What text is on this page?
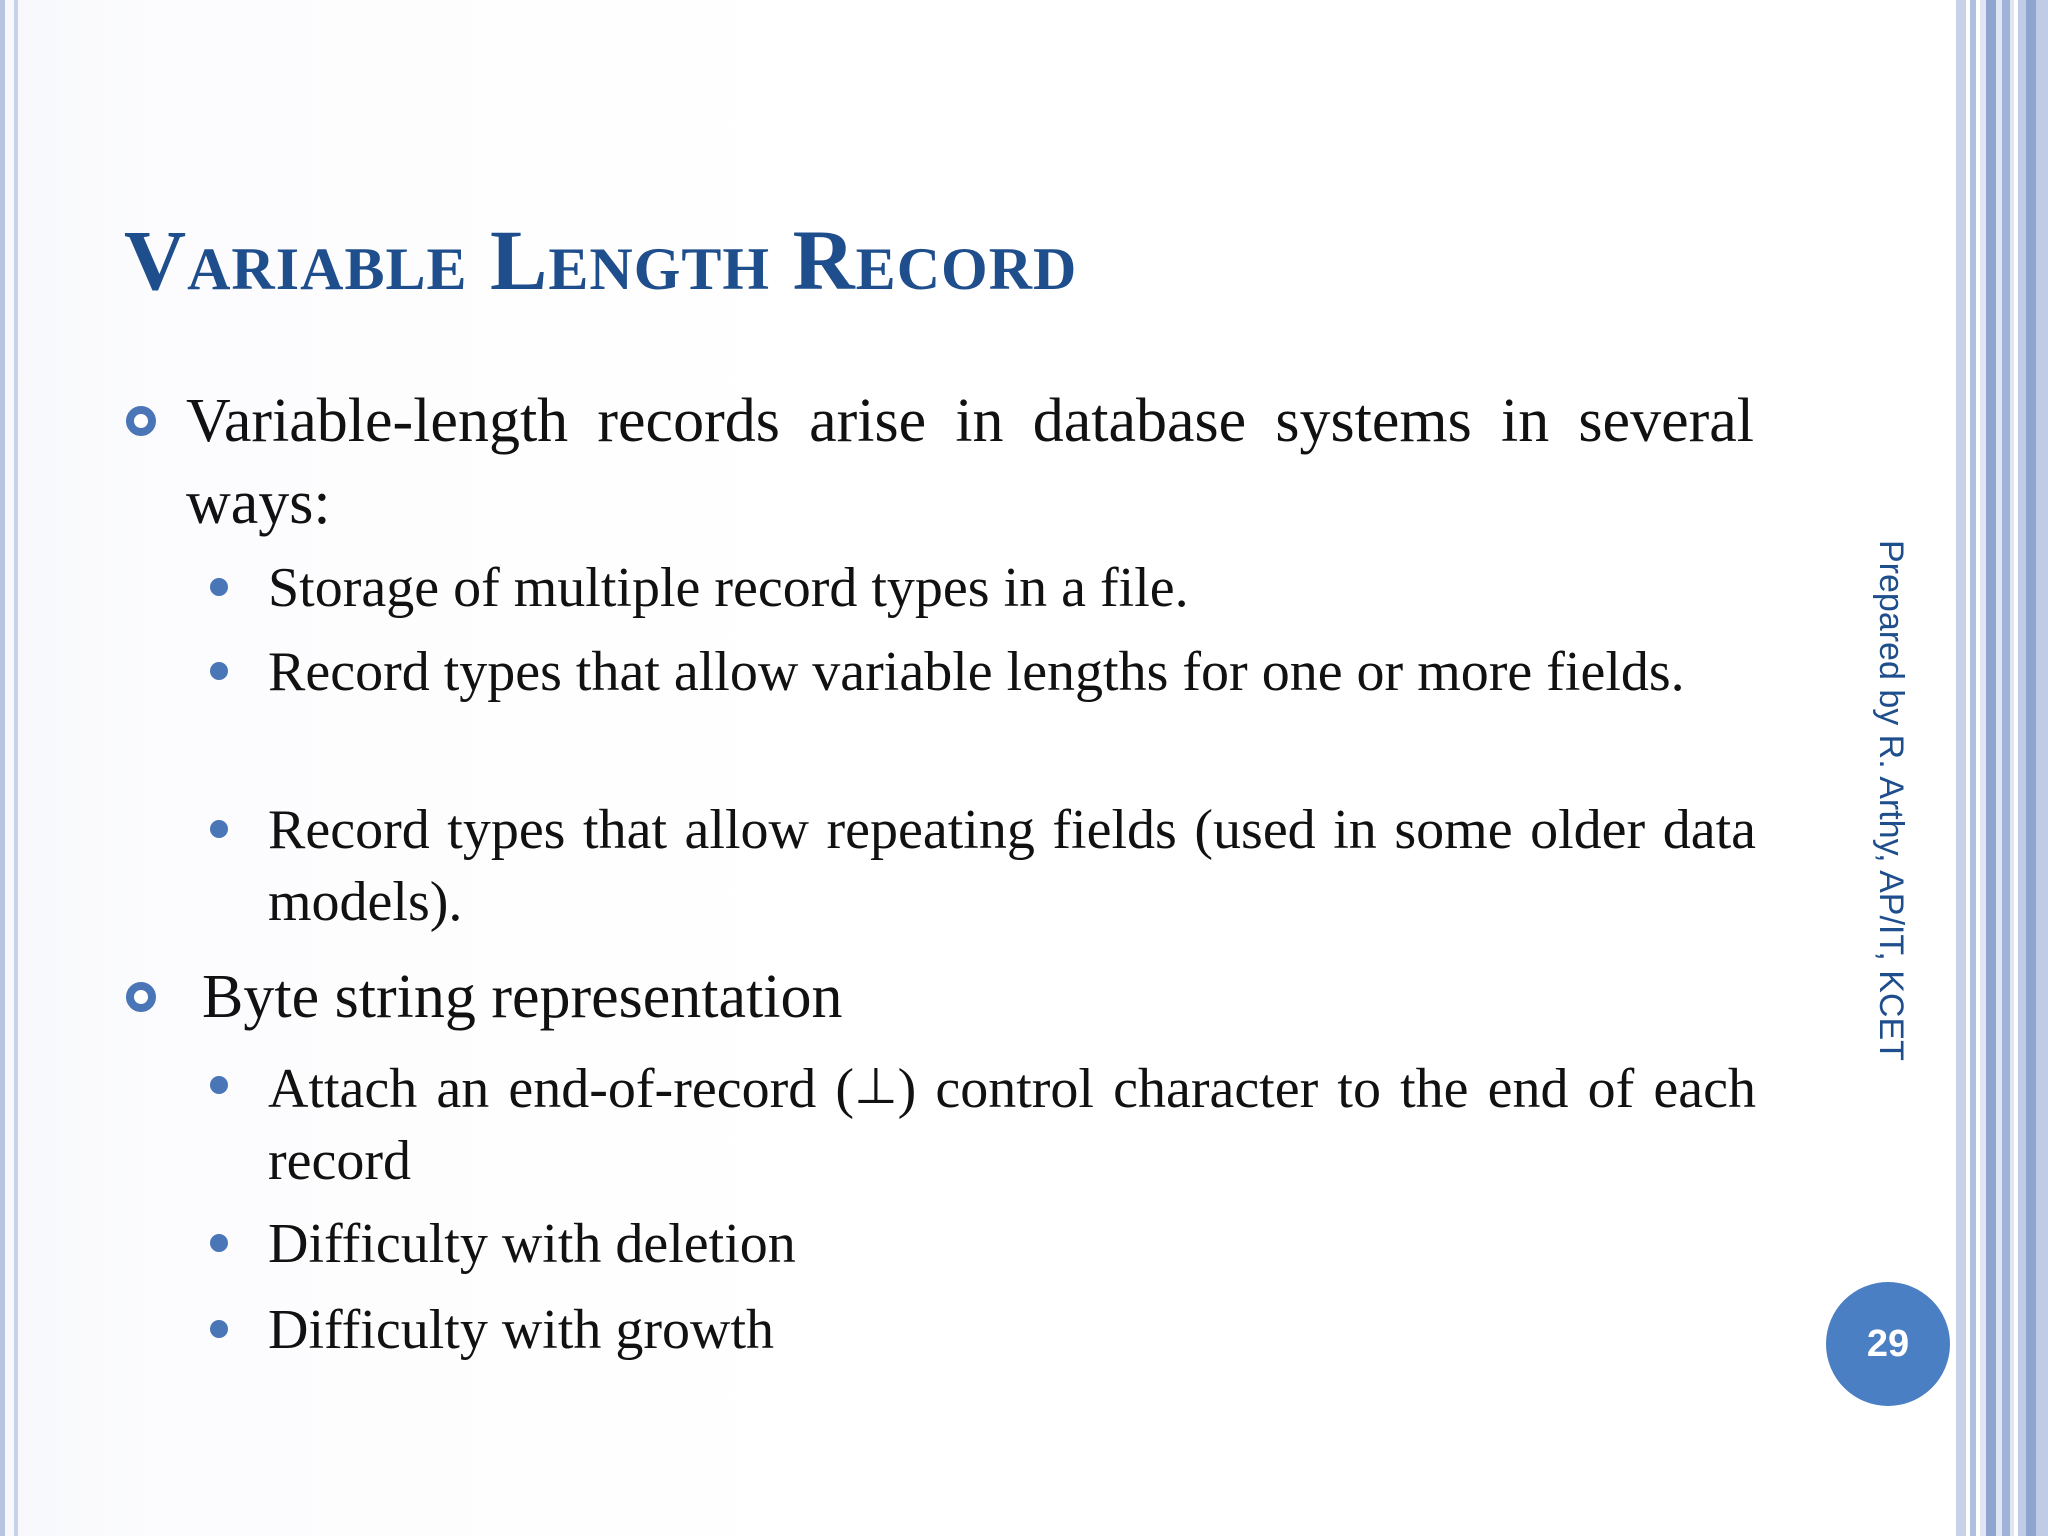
Variable Length Record
Variable-length records arise in database systems in several ways:
Storage of multiple record types in a file.
Record types that allow variable lengths for one or more fields.
Record types that allow repeating fields (used in some older data models).
Byte string representation
Attach an end-of-record (⊥) control character to the end of each record
Difficulty with deletion
Difficulty with growth
Prepared by R. Arthy, AP/IT, KCET
29
